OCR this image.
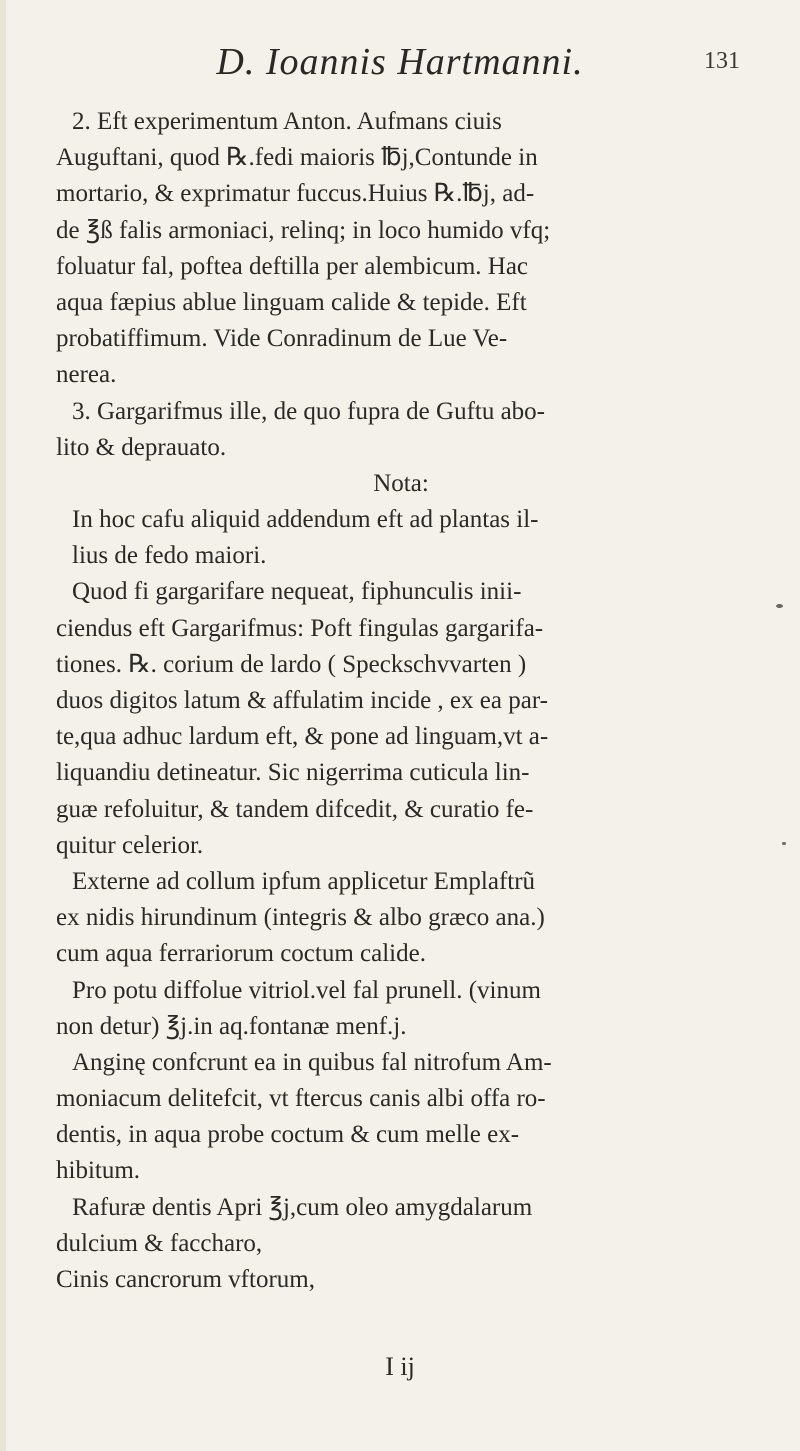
D. Ioannis Hartmanni.	131
2. Eft experimentum Anton. Aufmans ciuis
Auguftani, quod ℞.fedi maioris ℔j,Contunde in
mortario, & exprimatur fuccus.Huius ℞.℔j, ad-
de ℥ß falis armoniaci, relinq; in loco humido vfq;
foluatur fal, poftea deftilla per alembicum. Hac
aqua fæpius ablue linguam calide & tepide. Eft
probatiffimum. Vide Conradinum de Lue Ve-
nerea.
3. Gargarifmus ille, de quo fupra de Guftu abo-
lito & deprauato.
Nota:
In hoc cafu aliquid addendum eft ad plantas il-
lius de fedo maiori.
Quod fi gargarifare nequeat, fiphunculis inii-
ciendus eft Gargarifmus: Poft fingulas gargarifa-
tiones. ℞. corium de lardo ( Speckschvvarten )
duos digitos latum & affulatim incide , ex ea par-
te,qua adhuc lardum eft, & pone ad linguam,vt a-
liquandiu detineatur. Sic nigerrima cuticula lin-
guæ refoluitur, & tandem difcedit, & curatio fe-
quitur celerior.
Externe ad collum ipfum applicetur Emplaftrũ
ex nidis hirundinum (integris & albo græco ana.)
cum aqua ferrariorum coctum calide.
Pro potu diffolue vitriol.vel fal prunell. (vinum
non detur) ℥j.in aq.fontanæ menf.j.
Anginę confcrunt ea in quibus fal nitrofum Am-
moniacum delitefcit, vt ftercus canis albi offa ro-
dentis, in aqua probe coctum & cum melle ex-
hibitum.
Rafuræ dentis Apri ℥j,cum oleo amygdalarum
dulcium & faccharo,
Cinis cancrorum vftorum,
I ij
